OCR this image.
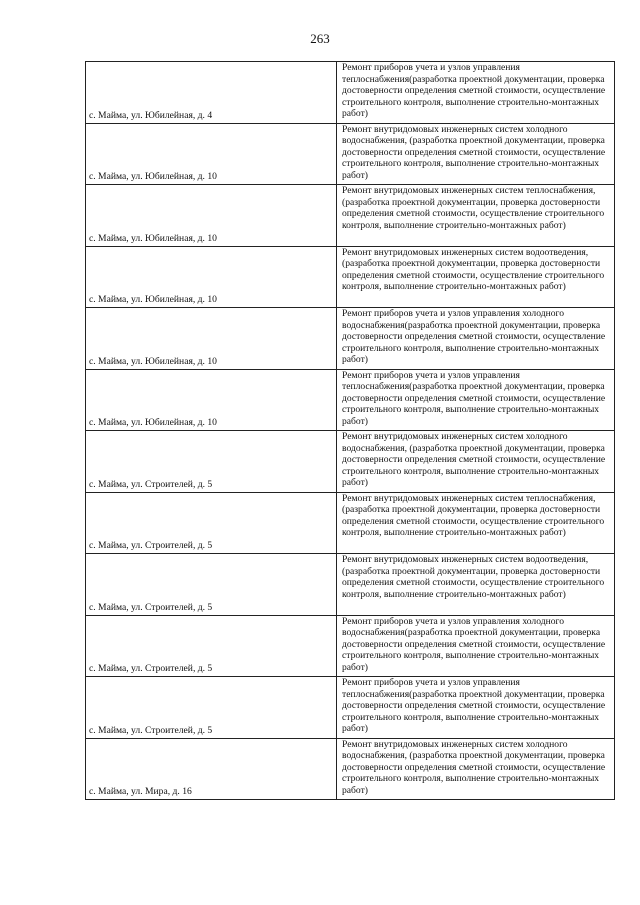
263
с. Майма, ул. Юбилейная, д. 4	Ремонт приборов учета и узлов управления теплоснабжения(разработка проектной документации, проверка достоверности определения сметной стоимости, осуществление строительного контроля, выполнение строительно-монтажных работ)
с. Майма, ул. Юбилейная, д. 10	Ремонт внутридомовых инженерных систем холодного водоснабжения, (разработка проектной документации, проверка достоверности определения сметной стоимости, осуществление строительного контроля, выполнение строительно-монтажных работ)
с. Майма, ул. Юбилейная, д. 10	Ремонт внутридомовых инженерных систем теплоснабжения, (разработка проектной документации, проверка достоверности определения сметной стоимости, осуществление строительного контроля, выполнение строительно-монтажных работ)
с. Майма, ул. Юбилейная, д. 10	Ремонт внутридомовых инженерных систем водоотведения, (разработка проектной документации, проверка достоверности определения сметной стоимости, осуществление строительного контроля, выполнение строительно-монтажных работ)
с. Майма, ул. Юбилейная, д. 10	Ремонт приборов учета и узлов управления холодного водоснабжения(разработка проектной документации, проверка достоверности определения сметной стоимости, осуществление строительного контроля, выполнение строительно-монтажных работ)
с. Майма, ул. Юбилейная, д. 10	Ремонт приборов учета и узлов управления теплоснабжения(разработка проектной документации, проверка достоверности определения сметной стоимости, осуществление строительного контроля, выполнение строительно-монтажных работ)
с. Майма, ул. Строителей, д. 5	Ремонт внутридомовых инженерных систем холодного водоснабжения, (разработка проектной документации, проверка достоверности определения сметной стоимости, осуществление строительного контроля, выполнение строительно-монтажных работ)
с. Майма, ул. Строителей, д. 5	Ремонт внутридомовых инженерных систем теплоснабжения, (разработка проектной документации, проверка достоверности определения сметной стоимости, осуществление строительного контроля, выполнение строительно-монтажных работ)
с. Майма, ул. Строителей, д. 5	Ремонт внутридомовых инженерных систем водоотведения, (разработка проектной документации, проверка достоверности определения сметной стоимости, осуществление строительного контроля, выполнение строительно-монтажных работ)
с. Майма, ул. Строителей, д. 5	Ремонт приборов учета и узлов управления холодного водоснабжения(разработка проектной документации, проверка достоверности определения сметной стоимости, осуществление строительного контроля, выполнение строительно-монтажных работ)
с. Майма, ул. Строителей, д. 5	Ремонт приборов учета и узлов управления теплоснабжения(разработка проектной документации, проверка достоверности определения сметной стоимости, осуществление строительного контроля, выполнение строительно-монтажных работ)
с. Майма, ул. Мира, д. 16	Ремонт внутридомовых инженерных систем холодного водоснабжения, (разработка проектной документации, проверка достоверности определения сметной стоимости, осуществление строительного контроля, выполнение строительно-монтажных работ)
